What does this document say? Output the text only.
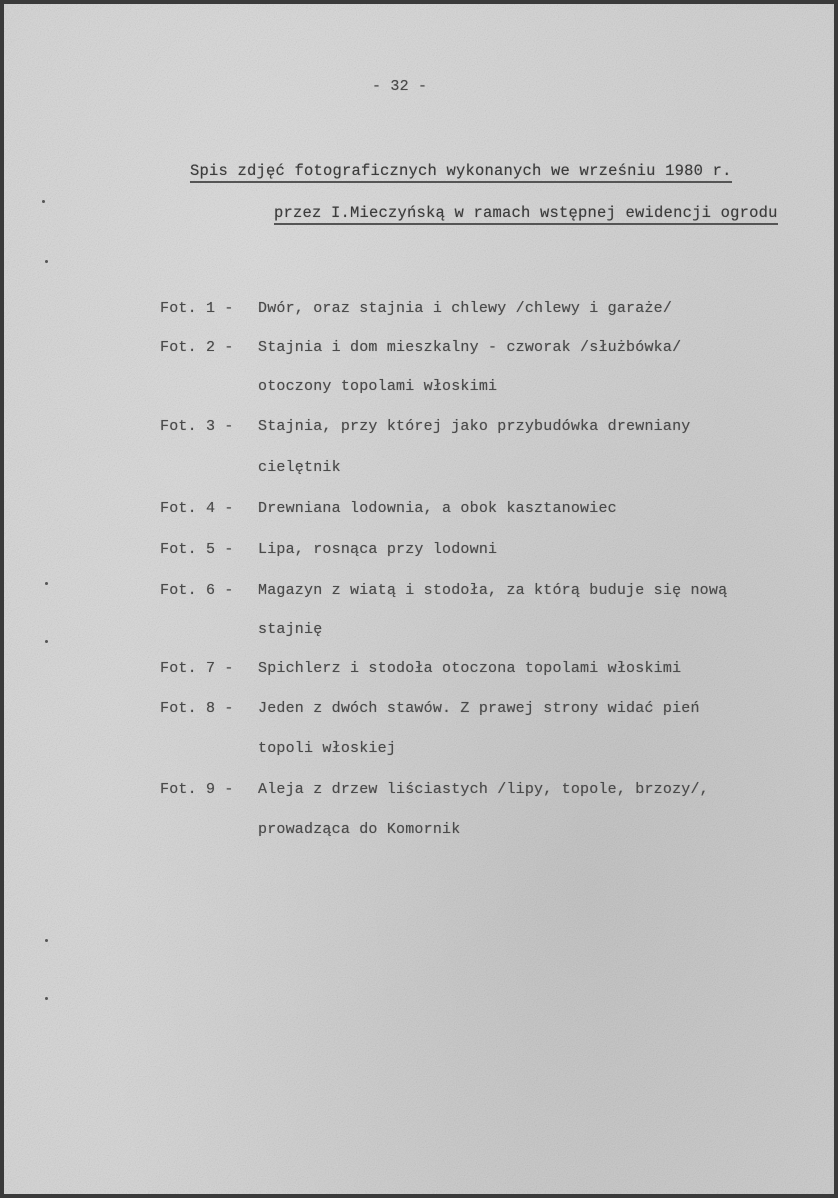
- 32 -
Spis zdjęć fotograficznych wykonanych we wrześniu 1980 r.
przez I.Mieczyńską w ramach wstępnej ewidencji ogrodu
Fot. 1 - Dwór, oraz stajnia i chlewy /chlewy i garaże/
Fot. 2 - Stajnia i dom mieszkalny - czworak /służbówka/
otoczony topolami włoskimi
Fot. 3 - Stajnia, przy której jako przybudówka drewniany
cielętnik
Fot. 4 - Drewniana lodownia, a obok kasztanowiec
Fot. 5 - Lipa, rosnąca przy lodowni
Fot. 6 - Magazyn z wiatą i stodoła, za którą buduje się nową
stajnię
Fot. 7 - Spichlerz i stodoła otoczona topolami włoskimi
Fot. 8 - Jeden z dwóch stawów. Z prawej strony widać pień
topoli włoskiej
Fot. 9 - Aleja z drzew liściastych /lipy, topole, brzozy/,
prowadząca do Komornik
